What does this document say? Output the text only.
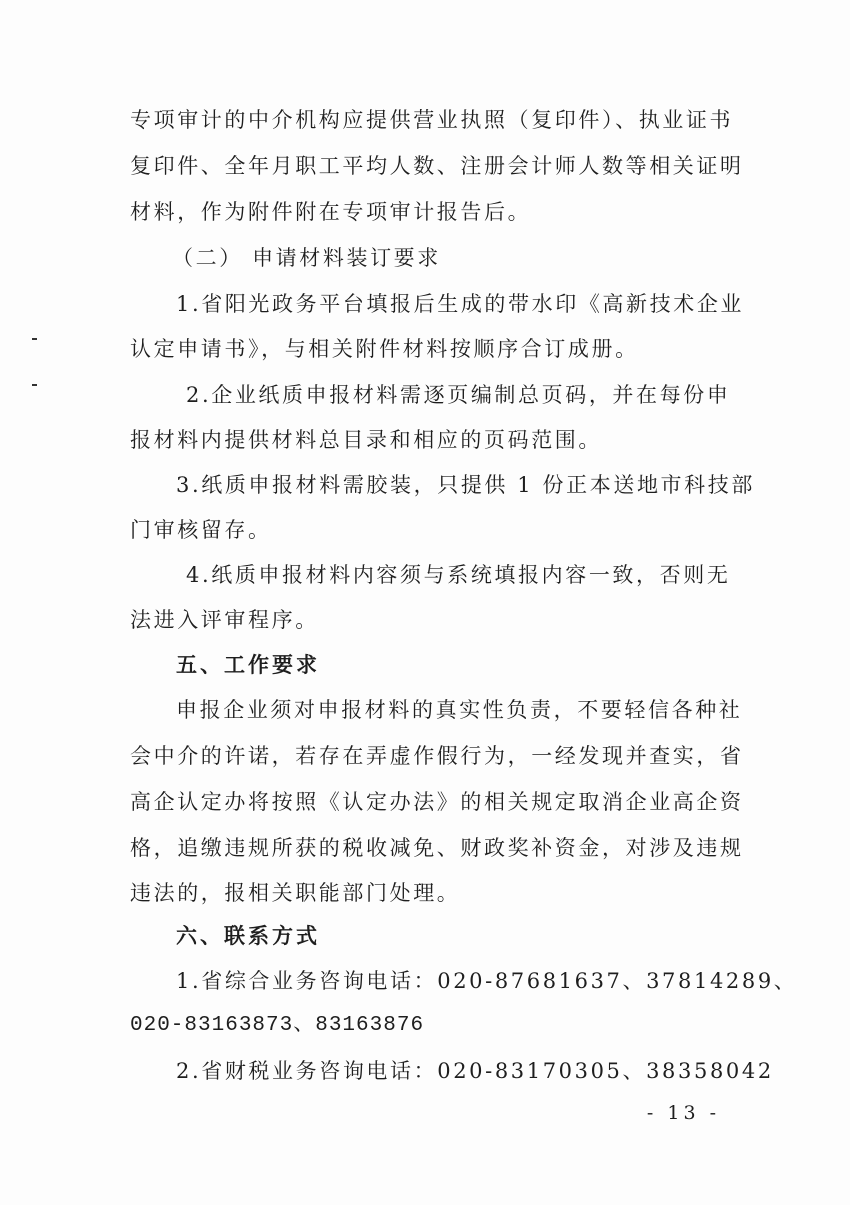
专项审计的中介机构应提供营业执照（复印件）、执业证书
复印件、全年月职工平均人数、注册会计师人数等相关证明
材料，作为附件附在专项审计报告后。
（二） 申请材料装订要求
1.省阳光政务平台填报后生成的带水印《高新技术企业
认定申请书》，与相关附件材料按顺序合订成册。
2.企业纸质申报材料需逐页编制总页码，并在每份申
报材料内提供材料总目录和相应的页码范围。
3.纸质申报材料需胶装，只提供 1 份正本送地市科技部
门审核留存。
4.纸质申报材料内容须与系统填报内容一致，否则无
法进入评审程序。
五、工作要求
申报企业须对申报材料的真实性负责，不要轻信各种社
会中介的许诺，若存在弄虚作假行为，一经发现并查实，省
高企认定办将按照《认定办法》的相关规定取消企业高企资
格，追缴违规所获的税收减免、财政奖补资金，对涉及违规
违法的，报相关职能部门处理。
六、联系方式
1.省综合业务咨询电话：020-87681637、37814289、
020-83163873、83163876
2.省财税业务咨询电话：020-83170305、38358042
- 13 -
